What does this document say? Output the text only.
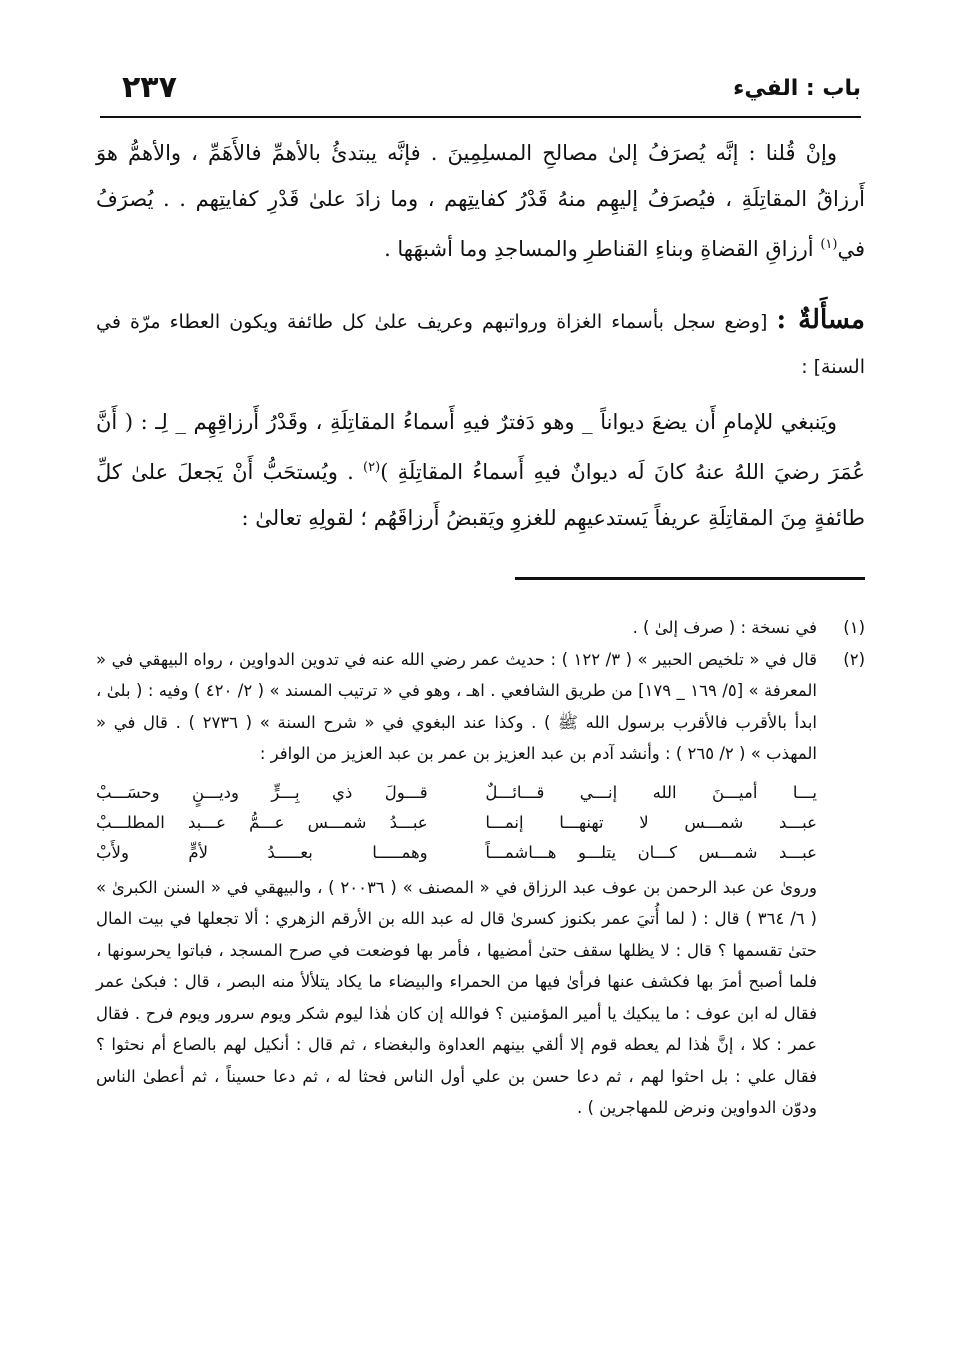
باب : الفيء
٢٣٧

وإنْ قُلنا : إنَّه يُصرَفُ إلىٰ مصالحِ المسلِمِينَ . فإنَّه يبتدئُ بالأهمِّ فالأَهَمِّ ، والأهمُّ هوَ أَرزاقُ المقاتِلَةِ ، فيُصرَفُ إليهِم منهُ قَدْرُ كفايتِهم ، وما زادَ علىٰ قَدْرِ كفايتِهم . . يُصرَفُ في$^{(١)}$ أرزاقِ القضاةِ وبناءِ القناطرِ والمساجدِ وما أشبهَها .

مسأَلةٌ : [وضع سجل بأسماء الغزاة ورواتبهم وعريف علىٰ كل طائفة ويكون العطاء مرّة في السنة] :

ويَنبغي للإمامِ أَن يضعَ ديواناً _ وهو دَفترٌ فيهِ أَسماءُ المقاتِلَةِ ، وقَدْرُ أَرزاقِهِم _ لِـ : ( أَنَّ عُمَرَ رضيَ اللهُ عنهُ كانَ لَه ديوانٌ فيهِ أَسماءُ المقاتِلَةِ )$^{(٢)}$ . ويُستحَبُّ أَنْ يَجعلَ علىٰ كلِّ طائفةٍ مِنَ المقاتِلَةِ عريفاً يَستدعيهِم للغزوِ ويَقبضُ أَرزاقَهُم ؛ لقولِهِ تعالىٰ :

(١)

في نسخة : ( صرف إلىٰ ) .

(٢)

قال في « تلخيص الحبير » ( ٣/ ١٢٢ ) : حديث عمر رضي الله عنه في تدوين الدواوين ، رواه البيهقي في « المعرفة » [٥/ ١٦٩ _ ١٧٩] من طريق الشافعي . اهـ ، وهو في « ترتيب المسند » ( ٢/ ٤٢٠ ) وفيه : ( بلىٰ ، ابدأ بالأقرب فالأقرب برسول الله ﷺ ) . وكذا عند البغوي في « شرح السنة » ( ٢٧٣٦ ) . قال في « المهذب » ( ٢/ ٢٦٥ ) : وأنشد آدم بن عبد العزيز بن عمر بن عبد العزيز من الوافر :

يـــا أميـــنَ الله إنـــي قـــائـــلٌ
قـــولَ ذي بِـــرٍّ وديـــنٍ وحسَـــبْ
عبـــد شمـــس لا تهنهـــا إنمـــا
عبـــدُ شمـــس عـــمُّ عـــبد المطلـــبْ
عبـــد شمـــس كـــان يتلـــو هـــاشمـــاً
وهمـــــا بعـــــدُ لأمٍّ ولأَبْ

وروىٰ عن عبد الرحمن بن عوف عبد الرزاق في « المصنف » ( ٢٠٠٣٦ ) ، والبيهقي في « السنن الكبرىٰ » ( ٦/ ٣٦٤ ) قال : ( لما أُتيَ عمر بكنوز كسرىٰ قال له عبد الله بن الأرقم الزهري : ألا تجعلها في بيت المال حتىٰ تقسمها ؟ قال : لا يظلها سقف حتىٰ أمضيها ، فأمر بها فوضعت في صرح المسجد ، فباتوا يحرسونها ، فلما أصبح أمرَ بها فكشف عنها فرأىٰ فيها من الحمراء والبيضاء ما يكاد يتلألأ منه البصر ، قال : فبكىٰ عمر فقال له ابن عوف : ما يبكيك يا أمير المؤمنين ؟ فوالله إن كان هٰذا ليوم شكر ويوم سرور ويوم فرح . فقال عمر : كلا ، إنَّ هٰذا لم يعطه قوم إلا ألقي بينهم العداوة والبغضاء ، ثم قال : أنكيل لهم بالصاع أم نحثوا ؟ فقال علي : بل احثوا لهم ، ثم دعا حسن بن علي أول الناس فحثا له ، ثم دعا حسيناً ، ثم أعطىٰ الناس ودوّن الدواوين ونرض للمهاجرين ) .
